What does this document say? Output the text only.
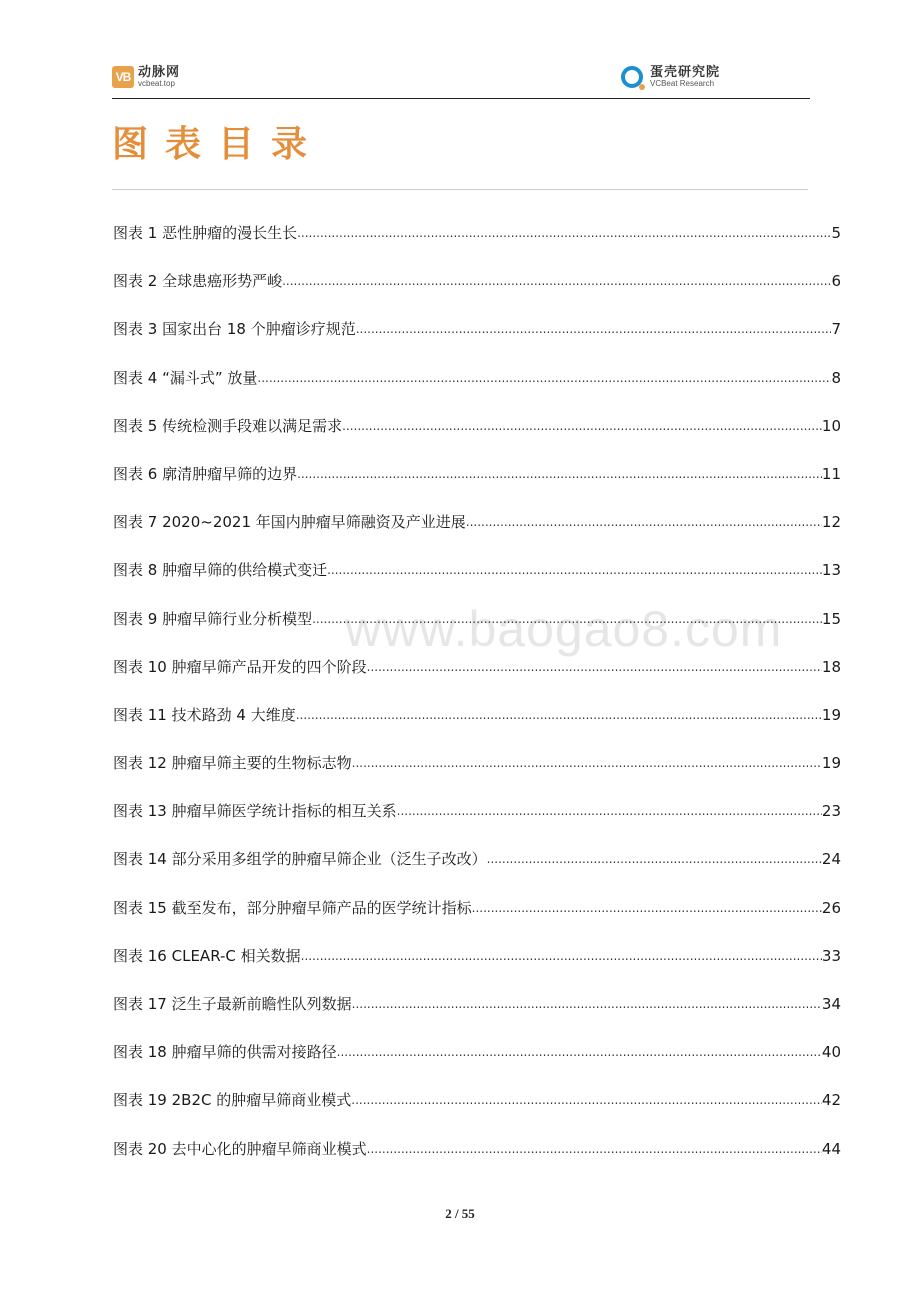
VB 动脉网
vcbeat.top
蛋壳研究院
VCBeat Research
图表目录
www.baogao8.com
图表 1 恶性肿瘤的漫长生长 .....	5
图表 2 全球患癌形势严峻 .....	6
图表 3 国家出台 18 个肿瘤诊疗规范 .....	7
图表 4 “漏斗式” 放量 .....	8
图表 5 传统检测手段难以满足需求 .....	10
图表 6 廓清肿瘤早筛的边界 .....	11
图表 7 2020~2021 年国内肿瘤早筛融资及产业进展 .....	12
图表 8 肿瘤早筛的供给模式变迁 .....	13
图表 9 肿瘤早筛行业分析模型 .....	15
图表 10 肿瘤早筛产品开发的四个阶段 .....	18
图表 11 技术路劲 4 大维度 .....	19
图表 12 肿瘤早筛主要的生物标志物 .....	19
图表 13 肿瘤早筛医学统计指标的相互关系 .....	23
图表 14 部分采用多组学的肿瘤早筛企业（泛生子改改） .....	24
图表 15 截至发布，部分肿瘤早筛产品的医学统计指标 .....	26
图表 16 CLEAR-C 相关数据 .....	33
图表 17 泛生子最新前瞻性队列数据 .....	34
图表 18 肿瘤早筛的供需对接路径 .....	40
图表 19 2B2C 的肿瘤早筛商业模式 .....	42
图表 20 去中心化的肿瘤早筛商业模式 .....	44
2 / 55
